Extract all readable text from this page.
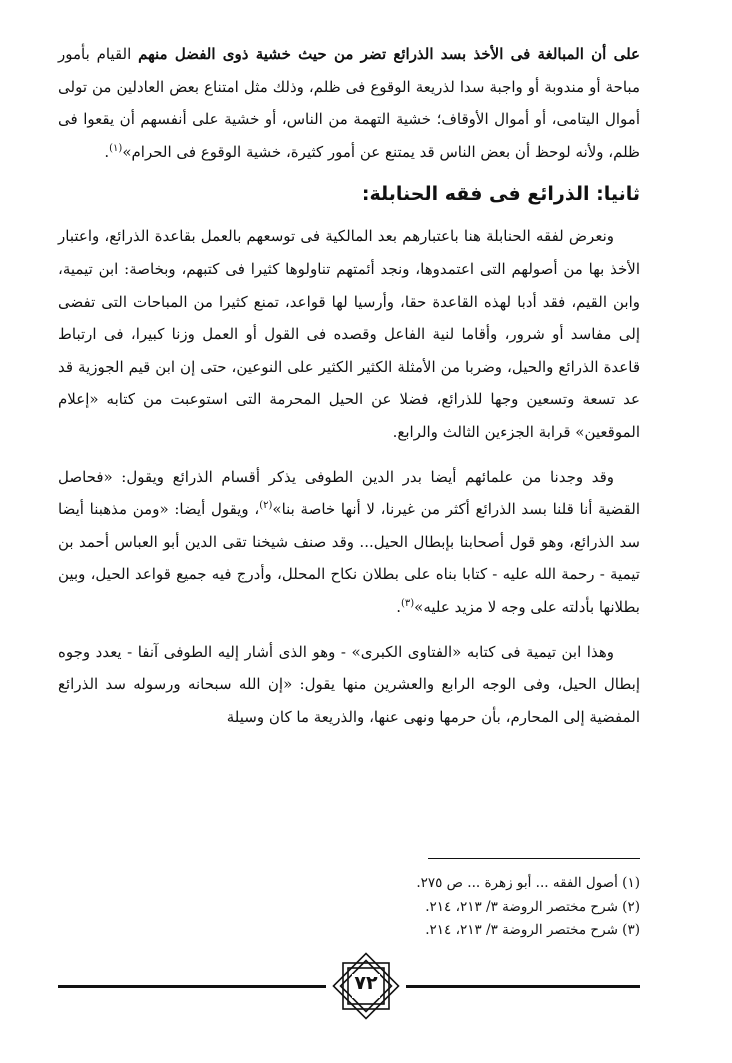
على أن المبالغة فى الأخذ بسد الذرائع تضر من حيث خشية ذوى الفضل منهم القيام بأمور مباحة أو مندوبة أو واجبة سدا لذريعة الوقوع فى ظلم، وذلك مثل امتناع بعض العادلين من تولى أموال اليتامى، أو أموال الأوقاف؛ خشية التهمة من الناس، أو خشية على أنفسهم أن يقعوا فى ظلم، ولأنه لوحظ أن بعض الناس قد يمتنع عن أمور كثيرة، خشية الوقوع فى الحرام»$^{(١)}$.

ثانيا: الذرائع فى فقه الحنابلة:

ونعرض لفقه الحنابلة هنا باعتبارهم بعد المالكية فى توسعهم بالعمل بقاعدة الذرائع، واعتبار الأخذ بها من أصولهم التى اعتمدوها، ونجد أئمتهم تناولوها كثيرا فى كتبهم، وبخاصة: ابن تيمية، وابن القيم، فقد أدبا لهذه القاعدة حقا، وأرسيا لها قواعد، تمنع كثيرا من المباحات التى تفضى إلى مفاسد أو شرور، وأقاما لنية الفاعل وقصده فى القول أو العمل وزنا كبيرا، فى ارتباط قاعدة الذرائع والحيل، وضربا من الأمثلة الكثير الكثير على النوعين، حتى إن ابن قيم الجوزية قد عد تسعة وتسعين وجها للذرائع، فضلا عن الحيل المحرمة التى استوعبت من كتابه «إعلام الموقعين» قرابة الجزءين الثالث والرابع.

وقد وجدنا من علمائهم أيضا بدر الدين الطوفى يذكر أقسام الذرائع ويقول: «فحاصل القضية أنا قلنا بسد الذرائع أكثر من غيرنا، لا أنها خاصة بنا»$^{(٢)}$، ويقول أيضا: «ومن مذهبنا أيضا سد الذرائع، وهو قول أصحابنا بإبطال الحيل... وقد صنف شيخنا تقى الدين أبو العباس أحمد بن تيمية - رحمة الله عليه - كتابا بناه على بطلان نكاح المحلل، وأدرج فيه جميع قواعد الحيل، وبين بطلانها بأدلته على وجه لا مزيد عليه»$^{(٣)}$.

وهذا ابن تيمية فى كتابه «الفتاوى الكبرى» - وهو الذى أشار إليه الطوفى آنفا - يعدد وجوه إبطال الحيل، وفى الوجه الرابع والعشرين منها يقول: «إن الله سبحانه ورسوله سد الذرائع المفضية إلى المحارم، بأن حرمها ونهى عنها، والذريعة ما كان وسيلة

(١) أصول الفقه ... أبو زهرة ... ص ٢٧٥.
(٢) شرح مختصر الروضة ٣/ ٢١٣، ٢١٤.
(٣) شرح مختصر الروضة ٣/ ٢١٣، ٢١٤.
٧٢
